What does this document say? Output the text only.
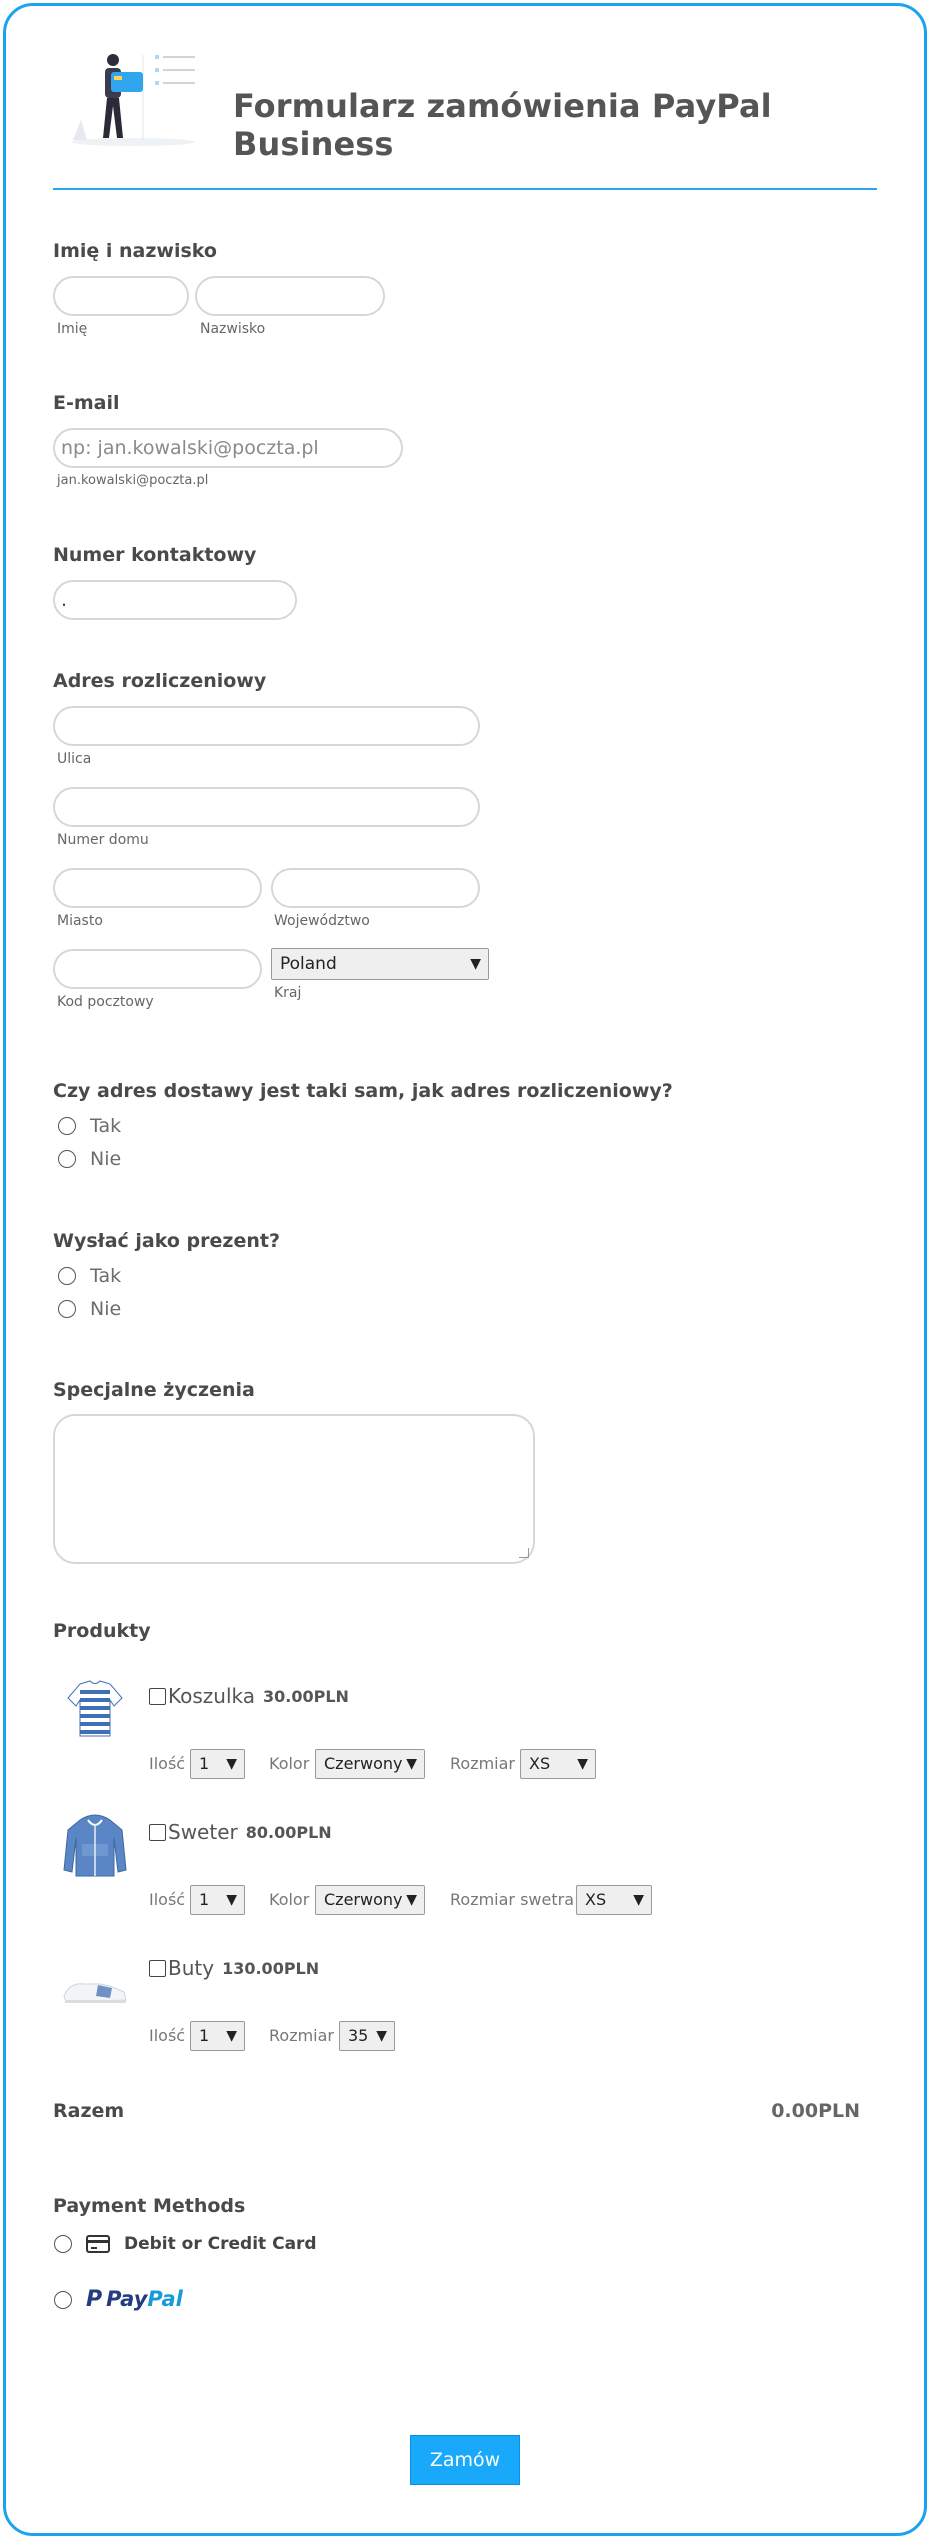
Formularz zamówienia PayPal Business
Imię i nazwisko
Imię	Nazwisko
E-mail
np: jan.kowalski@poczta.pl
jan.kowalski@poczta.pl
Numer kontaktowy
.
Adres rozliczeniowy
Ulica
Numer domu
Miasto	Województwo
Poland	▼
Kod pocztowy
Kraj
Czy adres dostawy jest taki sam, jak adres rozliczeniowy?
Tak
Nie
Wysłać jako prezent?
Tak
Nie
Specjalne życzenia
Produkty
Koszulka 30.00PLN
Ilość 1 ▼ Kolor Czerwony ▼ Rozmiar XS ▼
Sweter 80.00PLN
Ilość 1 ▼ Kolor Czerwony ▼ Rozmiar swetra XS ▼
Buty 130.00PLN
Ilość 1 ▼ Rozmiar 35 ▼
Razem	0.00PLN
Payment Methods
Debit or Credit Card
P PayPal
Zamów
